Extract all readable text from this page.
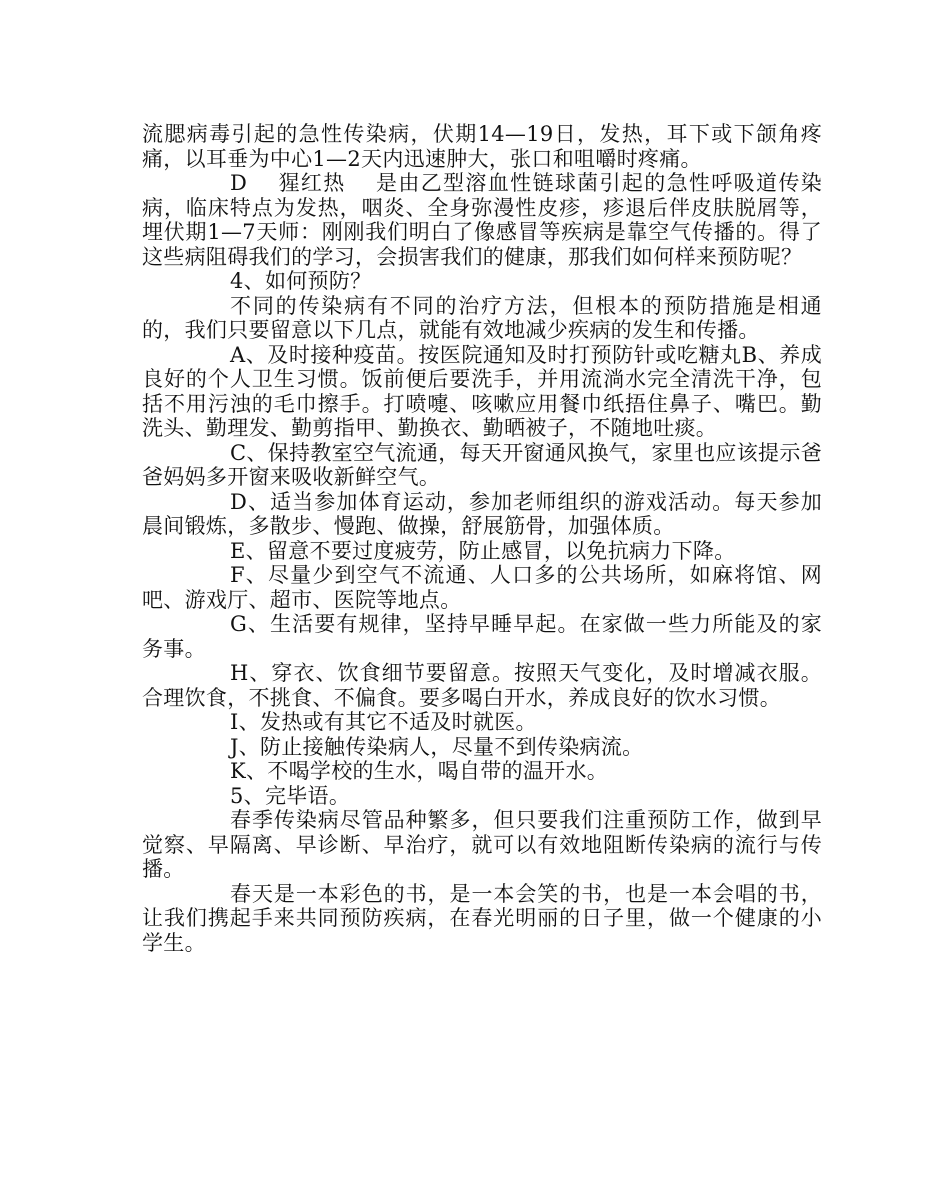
流腮病毒引起的急性传染病，伏期14—19日，发热，耳下或下颌角疼痛，以耳垂为中心1—2天内迅速肿大，张口和咀嚼时疼痛。

D　 猩红热　 是由乙型溶血性链球菌引起的急性呼吸道传染病，临床特点为发热，咽炎、全身弥漫性皮疹，疹退后伴皮肤脱屑等，埋伏期1—7天师：刚刚我们明白了像感冒等疾病是靠空气传播的。得了这些病阻碍我们的学习，会损害我们的健康，那我们如何样来预防呢？

4、如何预防？

不同的传染病有不同的治疗方法，但根本的预防措施是相通的，我们只要留意以下几点，就能有效地减少疾病的发生和传播。

A、及时接种疫苗。按医院通知及时打预防针或吃糖丸B、养成良好的个人卫生习惯。饭前便后要洗手，并用流淌水完全清洗干净，包括不用污浊的毛巾擦手。打喷嚏、咳嗽应用餐巾纸捂住鼻子、嘴巴。勤洗头、勤理发、勤剪指甲、勤换衣、勤晒被子，不随地吐痰。

C、保持教室空气流通，每天开窗通风换气，家里也应该提示爸爸妈妈多开窗来吸收新鲜空气。

D、适当参加体育运动，参加老师组织的游戏活动。每天参加晨间锻炼，多散步、慢跑、做操，舒展筋骨，加强体质。

E、留意不要过度疲劳，防止感冒，以免抗病力下降。

F、尽量少到空气不流通、人口多的公共场所，如麻将馆、网吧、游戏厅、超市、医院等地点。

G、生活要有规律，坚持早睡早起。在家做一些力所能及的家务事。

H、穿衣、饮食细节要留意。按照天气变化，及时增减衣服。合理饮食，不挑食、不偏食。要多喝白开水，养成良好的饮水习惯。

I、发热或有其它不适及时就医。

J、防止接触传染病人，尽量不到传染病流。

K、不喝学校的生水，喝自带的温开水。

5、完毕语。

春季传染病尽管品种繁多，但只要我们注重预防工作，做到早觉察、早隔离、早诊断、早治疗，就可以有效地阻断传染病的流行与传播。

春天是一本彩色的书，是一本会笑的书，也是一本会唱的书，让我们携起手来共同预防疾病，在春光明丽的日子里，做一个健康的小学生。
